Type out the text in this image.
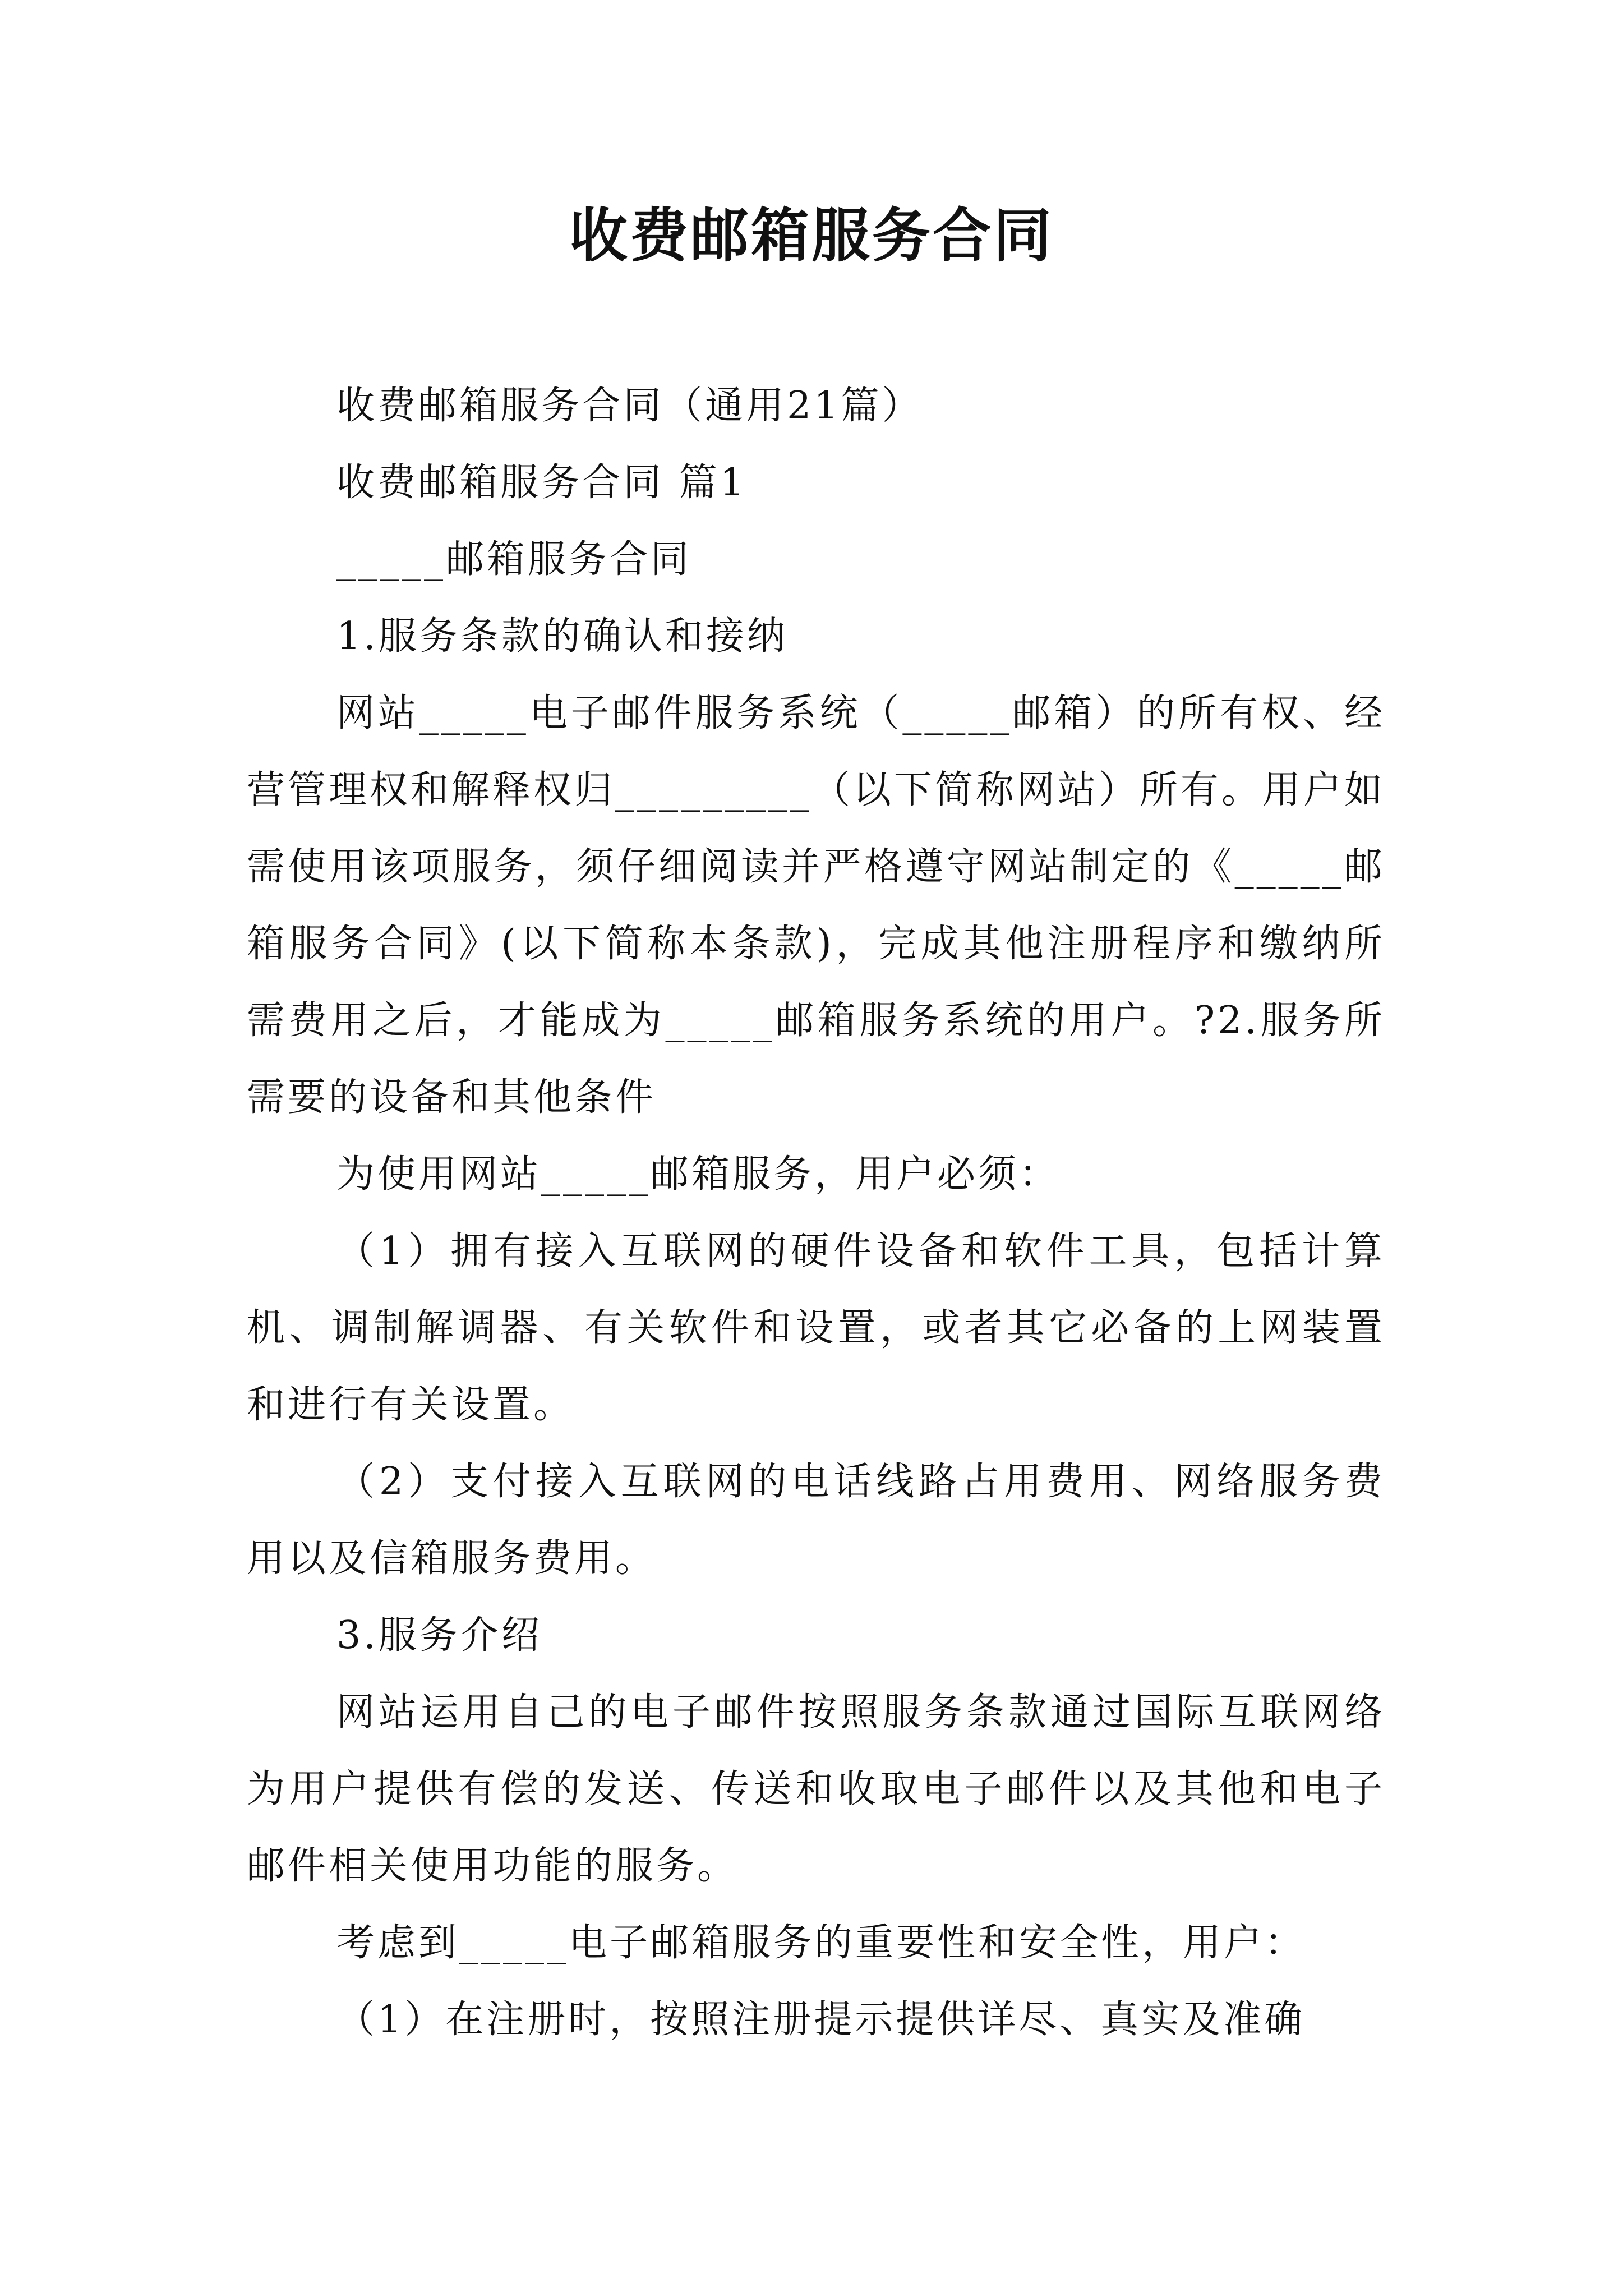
收费邮箱服务合同

收费邮箱服务合同（通用21篇）

收费邮箱服务合同 篇1

_____邮箱服务合同

1.服务条款的确认和接纳

网站_____电子邮件服务系统（_____邮箱）的所有权、经营管理权和解释权归_________（以下简称网站）所有。用户如需使用该项服务，须仔细阅读并严格遵守网站制定的《_____邮箱服务合同》(以下简称本条款)，完成其他注册程序和缴纳所需费用之后，才能成为_____邮箱服务系统的用户。?2.服务所需要的设备和其他条件

为使用网站_____邮箱服务，用户必须：

（1）拥有接入互联网的硬件设备和软件工具，包括计算机、调制解调器、有关软件和设置，或者其它必备的上网装置和进行有关设置。

（2）支付接入互联网的电话线路占用费用、网络服务费用以及信箱服务费用。

3.服务介绍

网站运用自己的电子邮件按照服务条款通过国际互联网络为用户提供有偿的发送、传送和收取电子邮件以及其他和电子邮件相关使用功能的服务。

考虑到_____电子邮箱服务的重要性和安全性，用户：

（1）在注册时，按照注册提示提供详尽、真实及准确
